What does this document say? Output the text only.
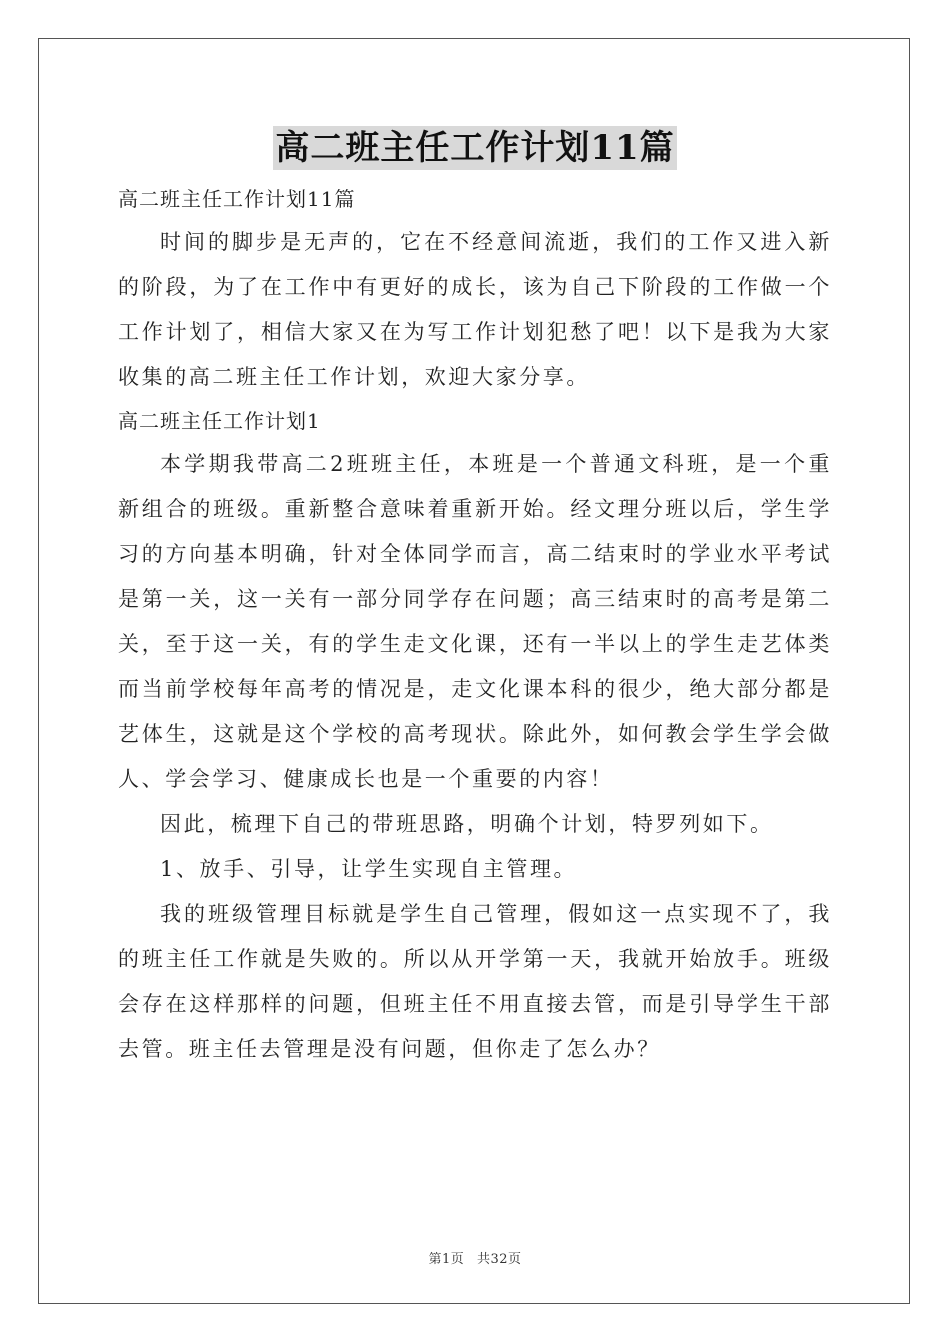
高二班主任工作计划11篇

高二班主任工作计划11篇

时间的脚步是无声的，它在不经意间流逝，我们的工作又进入新的阶段，为了在工作中有更好的成长，该为自己下阶段的工作做一个工作计划了，相信大家又在为写工作计划犯愁了吧！以下是我为大家收集的高二班主任工作计划，欢迎大家分享。

高二班主任工作计划1

本学期我带高二2班班主任，本班是一个普通文科班，是一个重新组合的班级。重新整合意味着重新开始。经文理分班以后，学生学习的方向基本明确，针对全体同学而言，高二结束时的学业水平考试是第一关，这一关有一部分同学存在问题；高三结束时的高考是第二关，至于这一关，有的学生走文化课，还有一半以上的学生走艺体类而当前学校每年高考的情况是，走文化课本科的很少，绝大部分都是艺体生，这就是这个学校的高考现状。除此外，如何教会学生学会做人、学会学习、健康成长也是一个重要的内容！

因此，梳理下自己的带班思路，明确个计划，特罗列如下。

1、放手、引导，让学生实现自主管理。

我的班级管理目标就是学生自己管理，假如这一点实现不了，我的班主任工作就是失败的。所以从开学第一天，我就开始放手。班级会存在这样那样的问题，但班主任不用直接去管，而是引导学生干部去管。班主任去管理是没有问题，但你走了怎么办？

第1页 共32页
